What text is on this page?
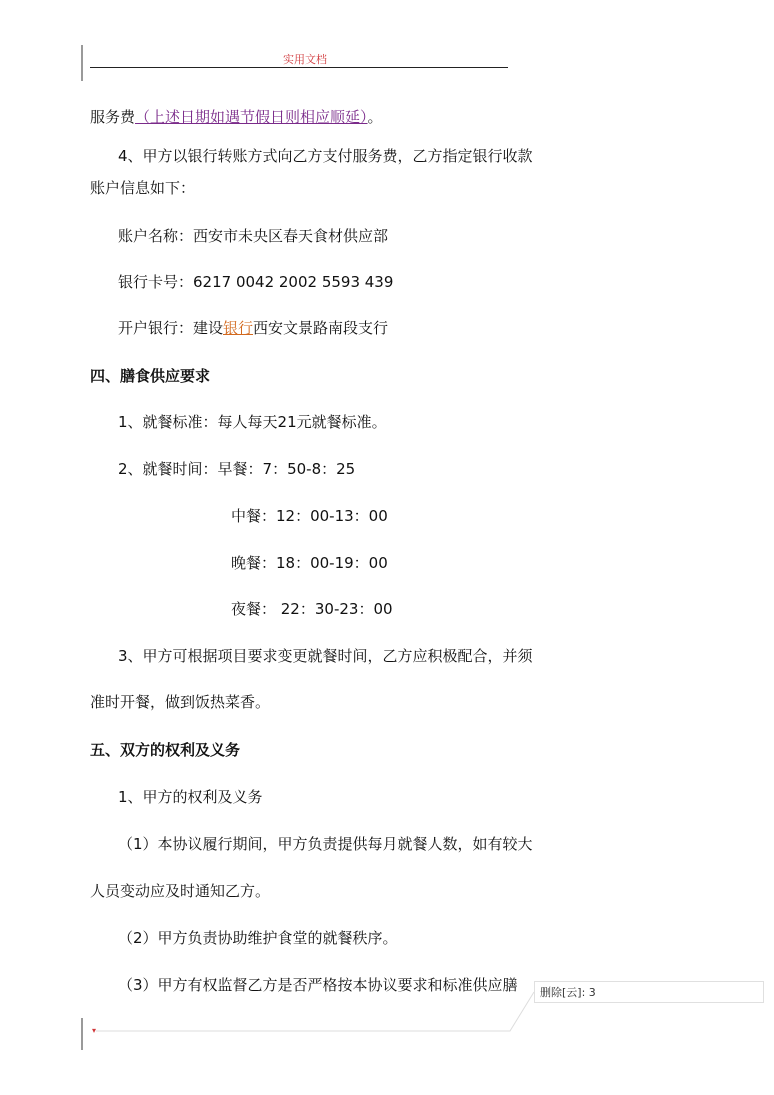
实用文档
服务费（上述日期如遇节假日则相应顺延）。
4、甲方以银行转账方式向乙方支付服务费，乙方指定银行收款
账户信息如下：
账户名称：西安市未央区春天食材供应部
银行卡号：6217 0042 2002 5593 439
开户银行：建设银行西安文景路南段支行
四、膳食供应要求
1、就餐标准：每人每天21元就餐标准。
2、就餐时间：早餐：7：50-8：25
中餐：12：00-13：00
晚餐：18：00-19：00
夜餐： 22：30-23：00
3、甲方可根据项目要求变更就餐时间，乙方应积极配合，并须
准时开餐，做到饭热菜香。
五、双方的权利及义务
1、甲方的权利及义务
（1）本协议履行期间，甲方负责提供每月就餐人数，如有较大
人员变动应及时通知乙方。
（2）甲方负责协助维护食堂的就餐秩序。
（3）甲方有权监督乙方是否严格按本协议要求和标准供应膳
▾
删除[云]: 3
